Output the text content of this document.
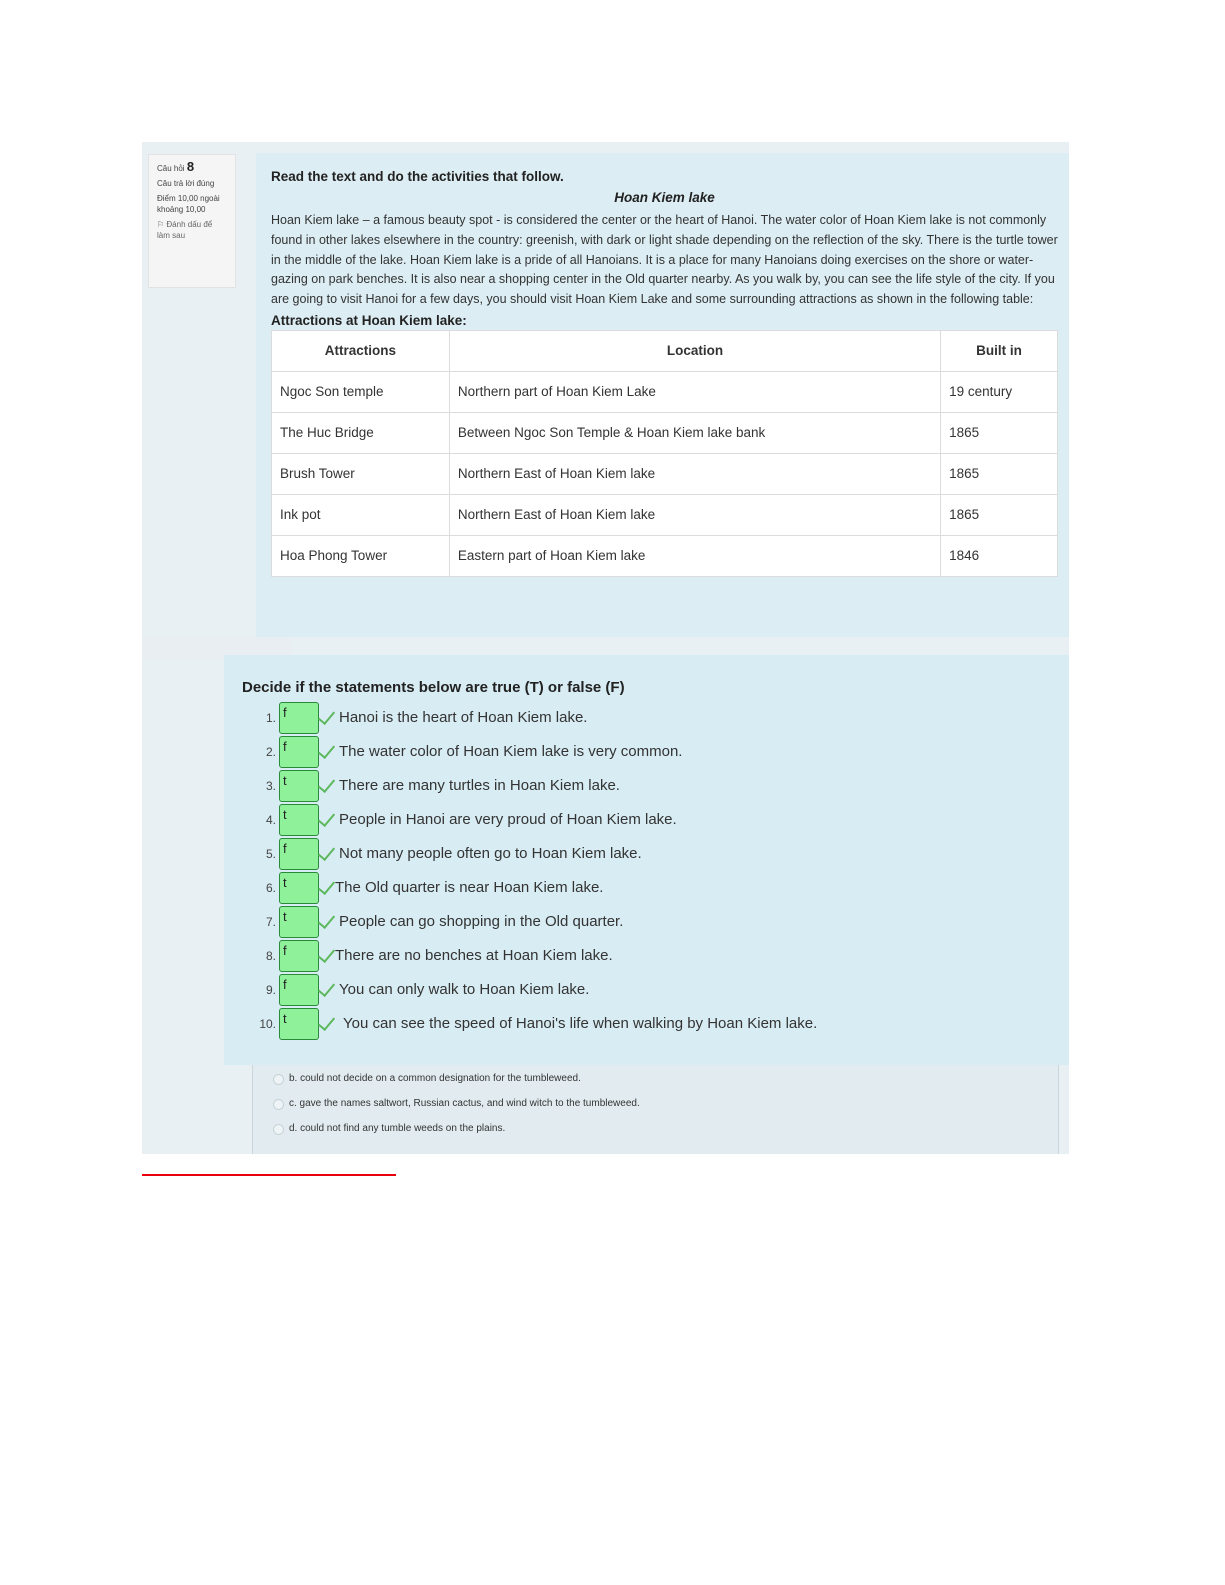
Câu hỏi 8
Câu trả lời đúng
Điểm 10,00 ngoài khoảng 10,00
⚐ Đánh dấu để làm sau
Read the text and do the activities that follow.
Hoan Kiem lake

Hoan Kiem lake – a famous beauty spot - is considered the center or the heart of Hanoi. The water color of Hoan Kiem lake is not commonly found in other lakes elsewhere in the country: greenish, with dark or light shade depending on the reflection of the sky. There is the turtle tower in the middle of the lake. Hoan Kiem lake is a pride of all Hanoians. It is a place for many Hanoians doing exercises on the shore or water-gazing on park benches. It is also near a shopping center in the Old quarter nearby. As you walk by, you can see the life style of the city. If you are going to visit Hanoi for a few days, you should visit Hoan Kiem Lake and some surrounding attractions as shown in the following table:

Attractions at Hoan Kiem lake:
Attractions	Location	Built in
Ngoc Son temple	Northern part of Hoan Kiem Lake	19 century
The Huc Bridge	Between Ngoc Son Temple & Hoan Kiem lake bank	1865
Brush Tower	Northern East of Hoan Kiem lake	1865
Ink pot	Northern East of Hoan Kiem lake	1865
Hoa Phong Tower	Eastern part of Hoan Kiem lake	1846
Decide if the statements below are true (T) or false (F)
1. f	Hanoi is the heart of Hoan Kiem lake.
2. f	The water color of Hoan Kiem lake is very common.
3. t	There are many turtles in Hoan Kiem lake.
4. t	People in Hanoi are very proud of Hoan Kiem lake.
5. f	Not many people often go to Hoan Kiem lake.
6. t	The Old quarter is near Hoan Kiem lake.
7. t	People can go shopping in the Old quarter.
8. f	There are no benches at Hoan Kiem lake.
9. f	You can only walk to Hoan Kiem lake.
10. t	You can see the speed of Hanoi's life when walking by Hoan Kiem lake.
b. could not decide on a common designation for the tumbleweed.
c. gave the names saltwort, Russian cactus, and wind witch to the tumbleweed.
d. could not find any tumble weeds on the plains.
